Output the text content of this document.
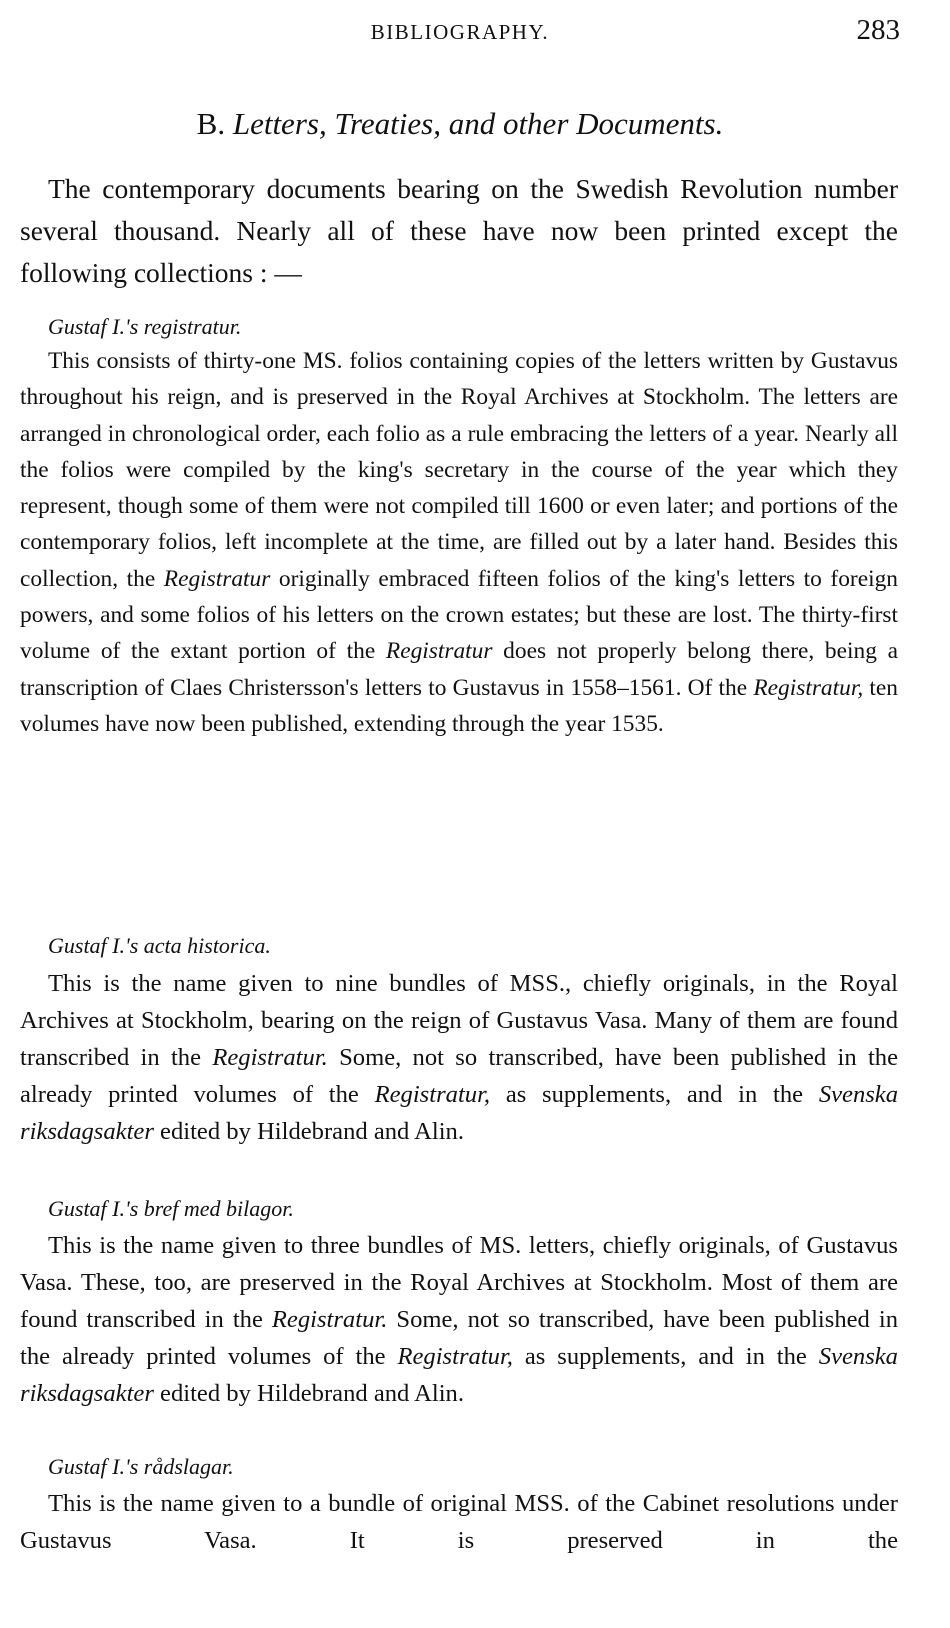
BIBLIOGRAPHY.	283
B. Letters, Treaties, and other Documents.

The contemporary documents bearing on the Swedish Revolution number several thousand. Nearly all of these have now been printed except the following collections : —

Gustaf I.'s registratur.

This consists of thirty-one MS. folios containing copies of the letters written by Gustavus throughout his reign, and is preserved in the Royal Archives at Stockholm. The letters are arranged in chronological order, each folio as a rule embracing the letters of a year. Nearly all the folios were compiled by the king's secretary in the course of the year which they represent, though some of them were not compiled till 1600 or even later; and portions of the contemporary folios, left incomplete at the time, are filled out by a later hand. Besides this collection, the Registratur originally embraced fifteen folios of the king's letters to foreign powers, and some folios of his letters on the crown estates; but these are lost. The thirty-first volume of the extant portion of the Registratur does not properly belong there, being a transcription of Claes Christersson's letters to Gustavus in 1558–1561. Of the Registratur, ten volumes have now been published, extending through the year 1535.

Gustaf I.'s acta historica.

This is the name given to nine bundles of MSS., chiefly originals, in the Royal Archives at Stockholm, bearing on the reign of Gustavus Vasa. Many of them are found transcribed in the Registratur. Some, not so transcribed, have been published in the already printed volumes of the Registratur, as supplements, and in the Svenska riksdagsakter edited by Hildebrand and Alin.

Gustaf I.'s bref med bilagor.

This is the name given to three bundles of MS. letters, chiefly originals, of Gustavus Vasa. These, too, are preserved in the Royal Archives at Stockholm. Most of them are found transcribed in the Registratur. Some, not so transcribed, have been published in the already printed volumes of the Registratur, as supplements, and in the Svenska riksdagsakter edited by Hildebrand and Alin.

Gustaf I.'s rådslagar.

This is the name given to a bundle of original MSS. of the Cabinet resolutions under Gustavus Vasa. It is preserved in the
